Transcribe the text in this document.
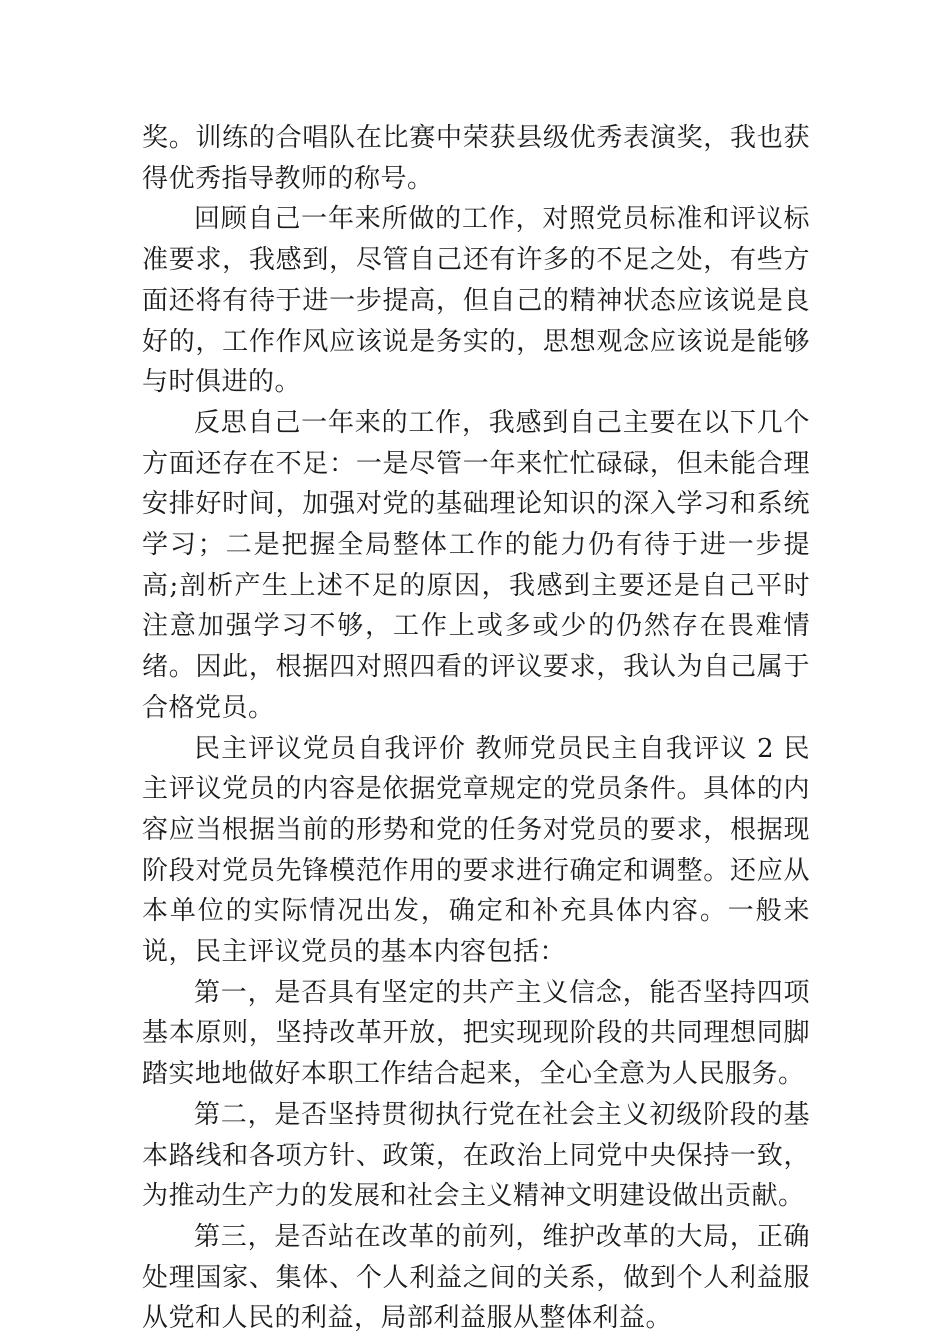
奖。训练的合唱队在比赛中荣获县级优秀表演奖，我也获得优秀指导教师的称号。

回顾自己一年来所做的工作，对照党员标准和评议标准要求，我感到，尽管自己还有许多的不足之处，有些方面还将有待于进一步提高，但自己的精神状态应该说是良好的，工作作风应该说是务实的，思想观念应该说是能够与时俱进的。

反思自己一年来的工作，我感到自己主要在以下几个方面还存在不足：一是尽管一年来忙忙碌碌，但未能合理安排好时间，加强对党的基础理论知识的深入学习和系统学习；二是把握全局整体工作的能力仍有待于进一步提高;剖析产生上述不足的原因，我感到主要还是自己平时注意加强学习不够，工作上或多或少的仍然存在畏难情绪。因此，根据四对照四看的评议要求，我认为自己属于合格党员。

民主评议党员自我评价 教师党员民主自我评议 2 民主评议党员的内容是依据党章规定的党员条件。具体的内容应当根据当前的形势和党的任务对党员的要求，根据现阶段对党员先锋模范作用的要求进行确定和调整。还应从本单位的实际情况出发，确定和补充具体内容。一般来说，民主评议党员的基本内容包括：

第一，是否具有坚定的共产主义信念，能否坚持四项基本原则，坚持改革开放，把实现现阶段的共同理想同脚踏实地地做好本职工作结合起来，全心全意为人民服务。

第二，是否坚持贯彻执行党在社会主义初级阶段的基本路线和各项方针、政策，在政治上同党中央保持一致，为推动生产力的发展和社会主义精神文明建设做出贡献。

第三，是否站在改革的前列，维护改革的大局，正确处理国家、集体、个人利益之间的关系，做到个人利益服从党和人民的利益，局部利益服从整体利益。
